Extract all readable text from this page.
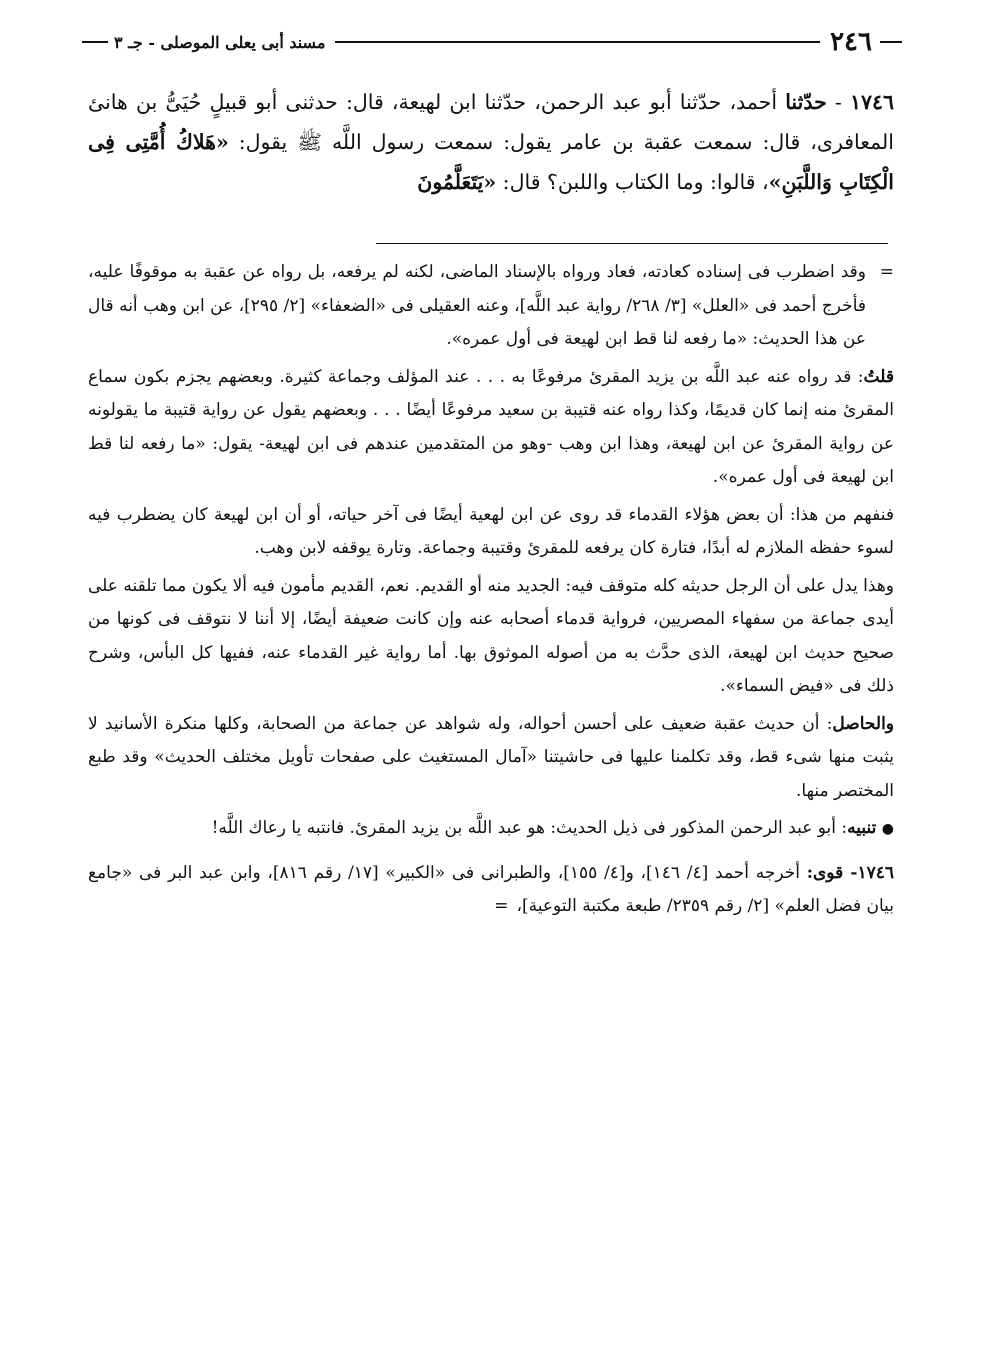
مسند أبى يعلى الموصلى - جـ ٣	٢٤٦
١٧٤٦ - حدّثنا أحمد، حدّثنا أبو عبد الرحمن، حدّثنا ابن لهيعة، قال: حدثنى أبو قبيلٍ حُيَىُّ بن هانئ المعافرى، قال: سمعت عقبة بن عامر يقول: سمعت رسول اللَّه ﷺ يقول: «هَلاكُ أُمَّتِى فِى الْكِتَابِ وَاللَّبَنِ»، قالوا: وما الكتاب واللبن؟ قال: «يَتَعَلَّمُونَ

=
وقد اضطرب فى إسناده كعادته، فعاد ورواه بالإسناد الماضى، لكنه لم يرفعه، بل رواه عن عقبة به موقوفًا عليه، فأخرج أحمد فى «العلل» [٣/ ٢٦٨/ رواية عبد اللَّه]، وعنه العقيلى فى «الضعفاء» [٢/ ٢٩٥]، عن ابن وهب أنه قال عن هذا الحديث: «ما رفعه لنا قط ابن لهيعة فى أول عمره».

قلتُ: قد رواه عنه عبد اللَّه بن يزيد المقرئ مرفوعًا به . . . عند المؤلف وجماعة كثيرة. وبعضهم يجزم بكون سماع المقرئ منه إنما كان قديمًا، وكذا رواه عنه قتيبة بن سعيد مرفوعًا أيضًا . . . وبعضهم يقول عن رواية قتيبة ما يقولونه عن رواية المقرئ عن ابن لهيعة، وهذا ابن وهب -وهو من المتقدمين عندهم فى ابن لهيعة- يقول: «ما رفعه لنا قط ابن لهيعة فى أول عمره».

فنفهم من هذا: أن بعض هؤلاء القدماء قد روى عن ابن لهعية أيضًا فى آخر حياته، أو أن ابن لهيعة كان يضطرب فيه لسوء حفظه الملازم له أبدًا، فتارة كان يرفعه للمقرئ وقتيبة وجماعة. وتارة يوقفه لابن وهب.

وهذا يدل على أن الرجل حديثه كله متوقف فيه: الجديد منه أو القديم. نعم، القديم مأمون فيه ألا يكون مما تلقنه على أيدى جماعة من سفهاء المصريين، فرواية قدماء أصحابه عنه وإن كانت ضعيفة أيضًا، إلا أننا لا نتوقف فى كونها من صحيح حديث ابن لهيعة، الذى حدَّث به من أصوله الموثوق بها. أما رواية غير القدماء عنه، ففيها كل البأس، وشرح ذلك فى «فيض السماء».

والحاصل: أن حديث عقبة ضعيف على أحسن أحواله، وله شواهد عن جماعة من الصحابة، وكلها منكرة الأسانيد لا يثبت منها شىء قط، وقد تكلمنا عليها فى حاشيتنا «آمال المستغيث على صفحات تأويل مختلف الحديث» وقد طبع المختصر منها.

● تنبيه: أبو عبد الرحمن المذكور فى ذيل الحديث: هو عبد اللَّه بن يزيد المقرئ. فانتبه يا رعاك اللَّه!

١٧٤٦- قوى: أخرجه أحمد [٤/ ١٤٦]، و[٤/ ١٥٥]، والطبرانى فى «الكبير» [١٧/ رقم ٨١٦]، وابن عبد البر فى «جامع بيان فضل العلم» [٢/ رقم ٢٣٥٩/ طبعة مكتبة التوعية]،=
